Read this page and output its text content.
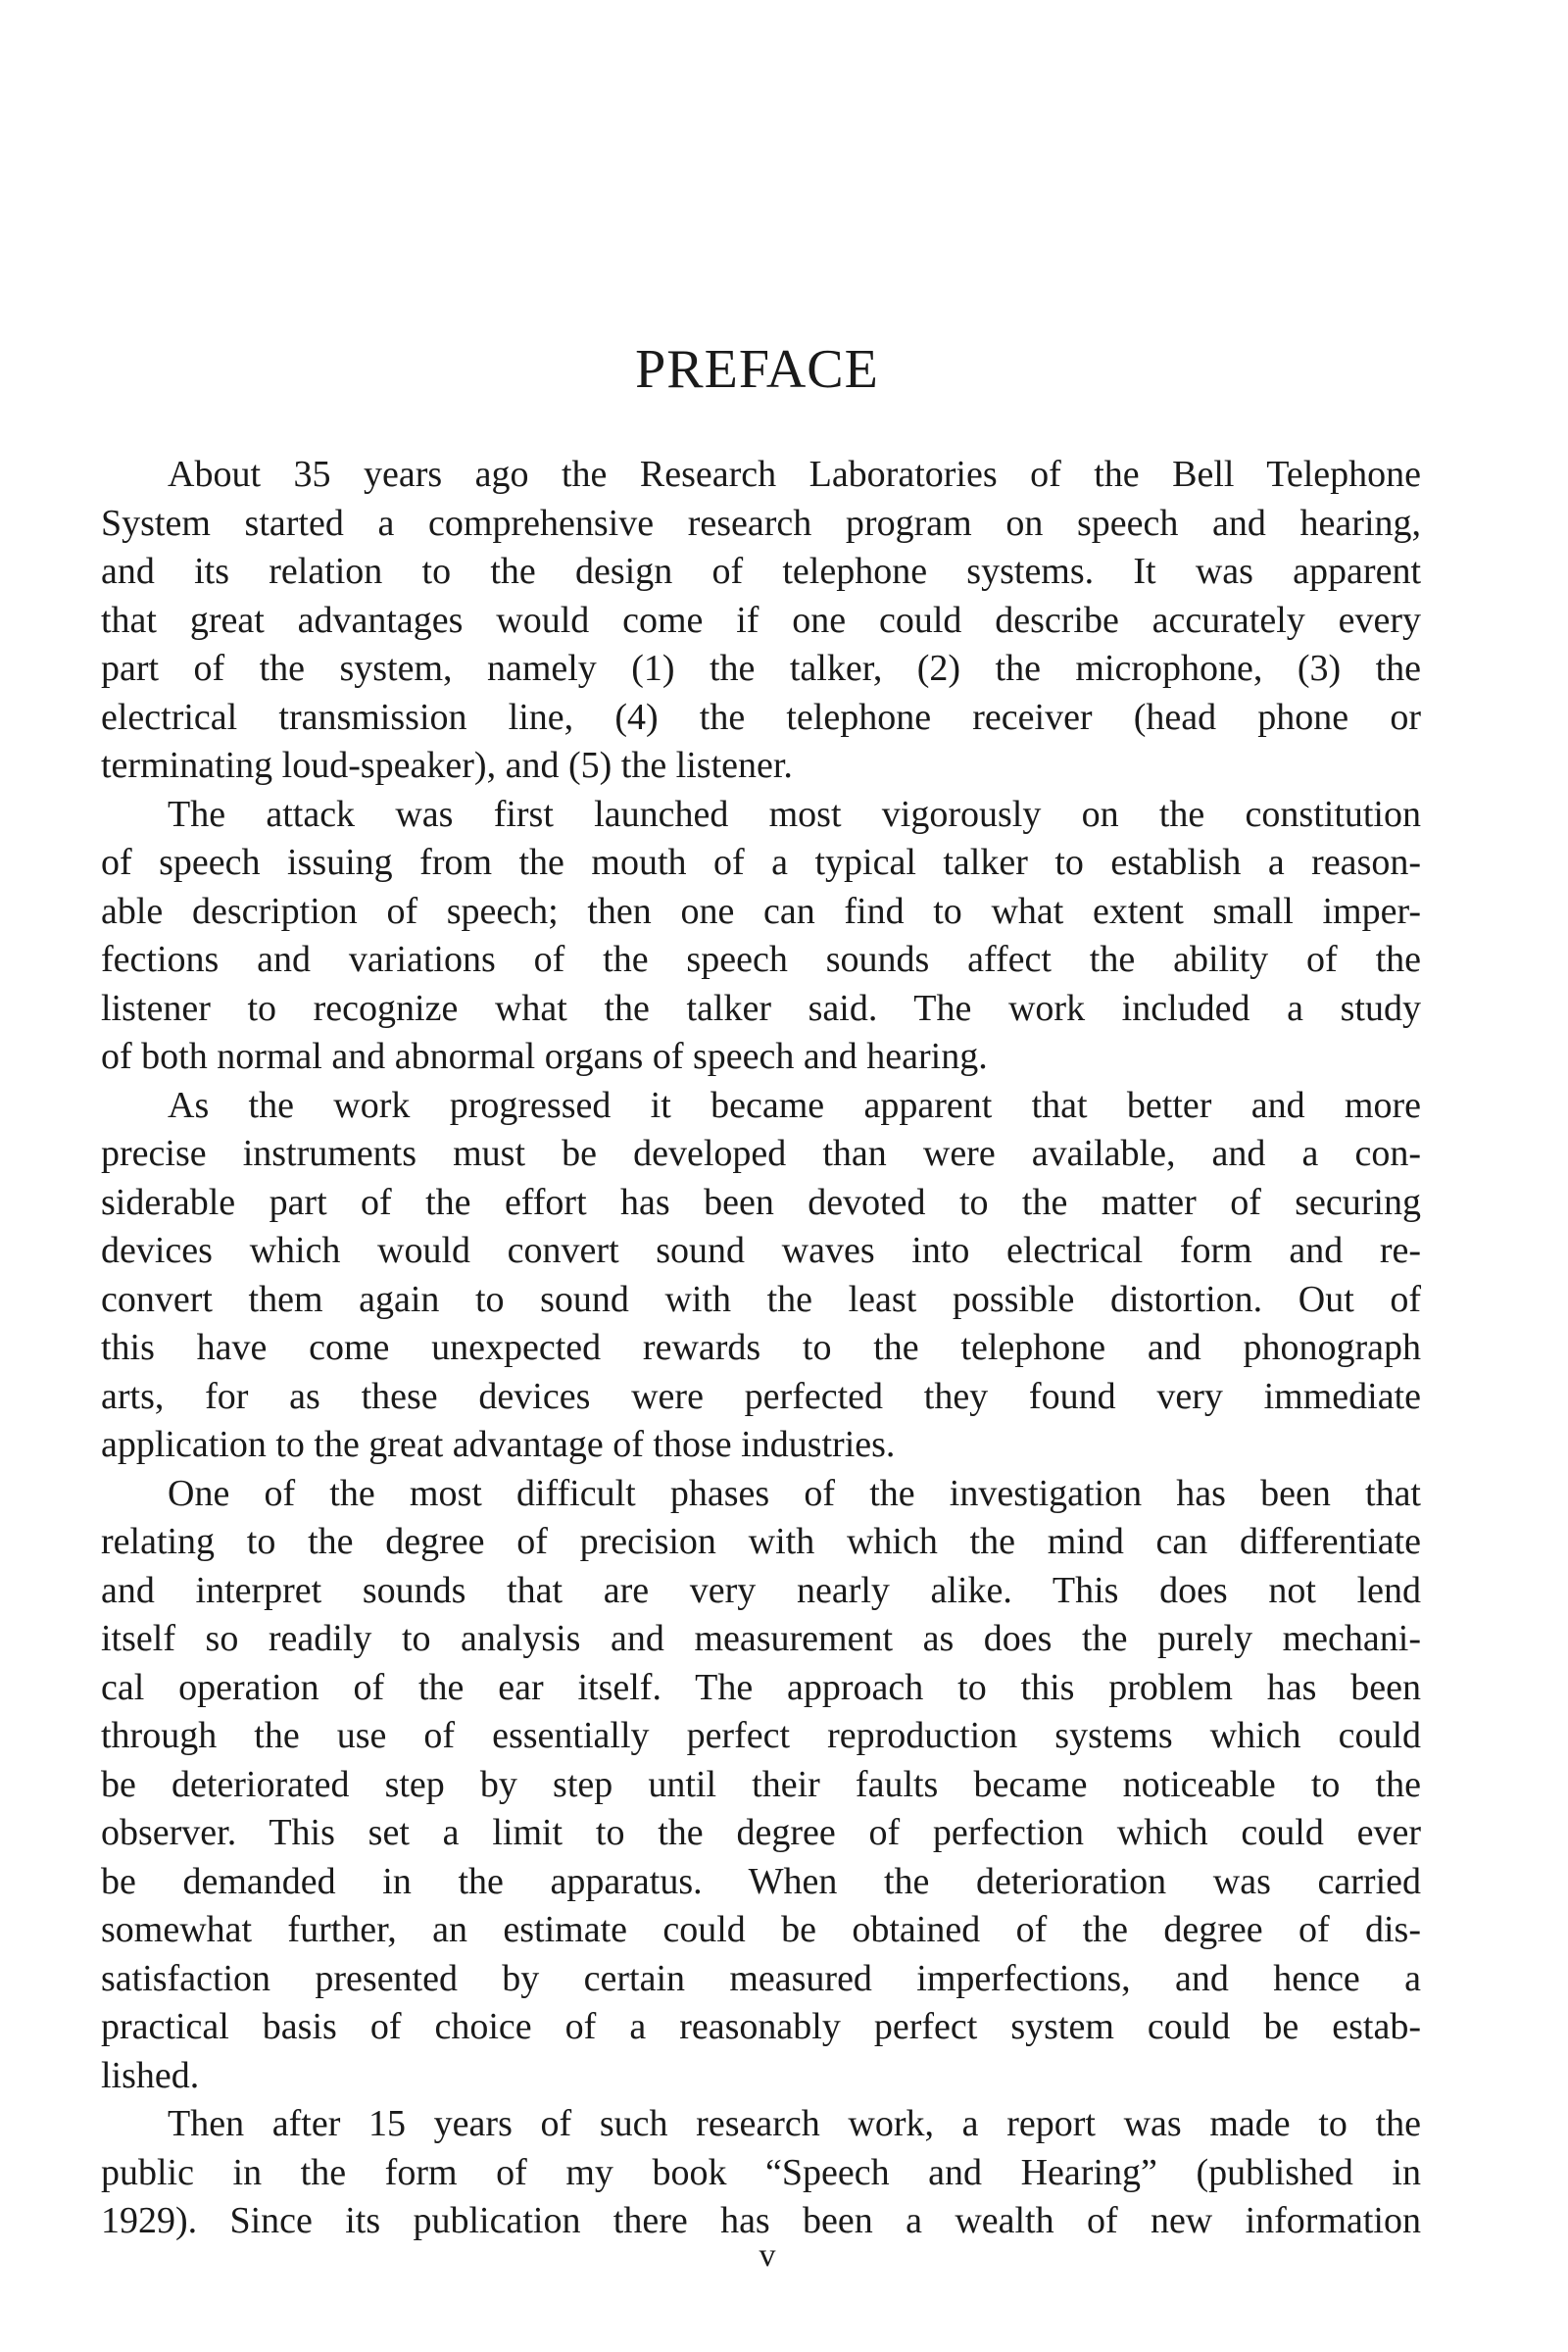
PREFACE
About 35 years ago the Research Laboratories of the Bell Telephone
System started a comprehensive research program on speech and hearing,
and its relation to the design of telephone systems. It was apparent
that great advantages would come if one could describe accurately every
part of the system, namely (1) the talker, (2) the microphone, (3) the
electrical transmission line, (4) the telephone receiver (head phone or
terminating loud-speaker), and (5) the listener.
The attack was first launched most vigorously on the constitution
of speech issuing from the mouth of a typical talker to establish a reason-
able description of speech; then one can find to what extent small imper-
fections and variations of the speech sounds affect the ability of the
listener to recognize what the talker said. The work included a study
of both normal and abnormal organs of speech and hearing.
As the work progressed it became apparent that better and more
precise instruments must be developed than were available, and a con-
siderable part of the effort has been devoted to the matter of securing
devices which would convert sound waves into electrical form and re-
convert them again to sound with the least possible distortion. Out of
this have come unexpected rewards to the telephone and phonograph
arts, for as these devices were perfected they found very immediate
application to the great advantage of those industries.
One of the most difficult phases of the investigation has been that
relating to the degree of precision with which the mind can differentiate
and interpret sounds that are very nearly alike. This does not lend
itself so readily to analysis and measurement as does the purely mechani-
cal operation of the ear itself. The approach to this problem has been
through the use of essentially perfect reproduction systems which could
be deteriorated step by step until their faults became noticeable to the
observer. This set a limit to the degree of perfection which could ever
be demanded in the apparatus. When the deterioration was carried
somewhat further, an estimate could be obtained of the degree of dis-
satisfaction presented by certain measured imperfections, and hence a
practical basis of choice of a reasonably perfect system could be estab-
lished.
Then after 15 years of such research work, a report was made to the
public in the form of my book “Speech and Hearing” (published in
1929). Since its publication there has been a wealth of new information
v
